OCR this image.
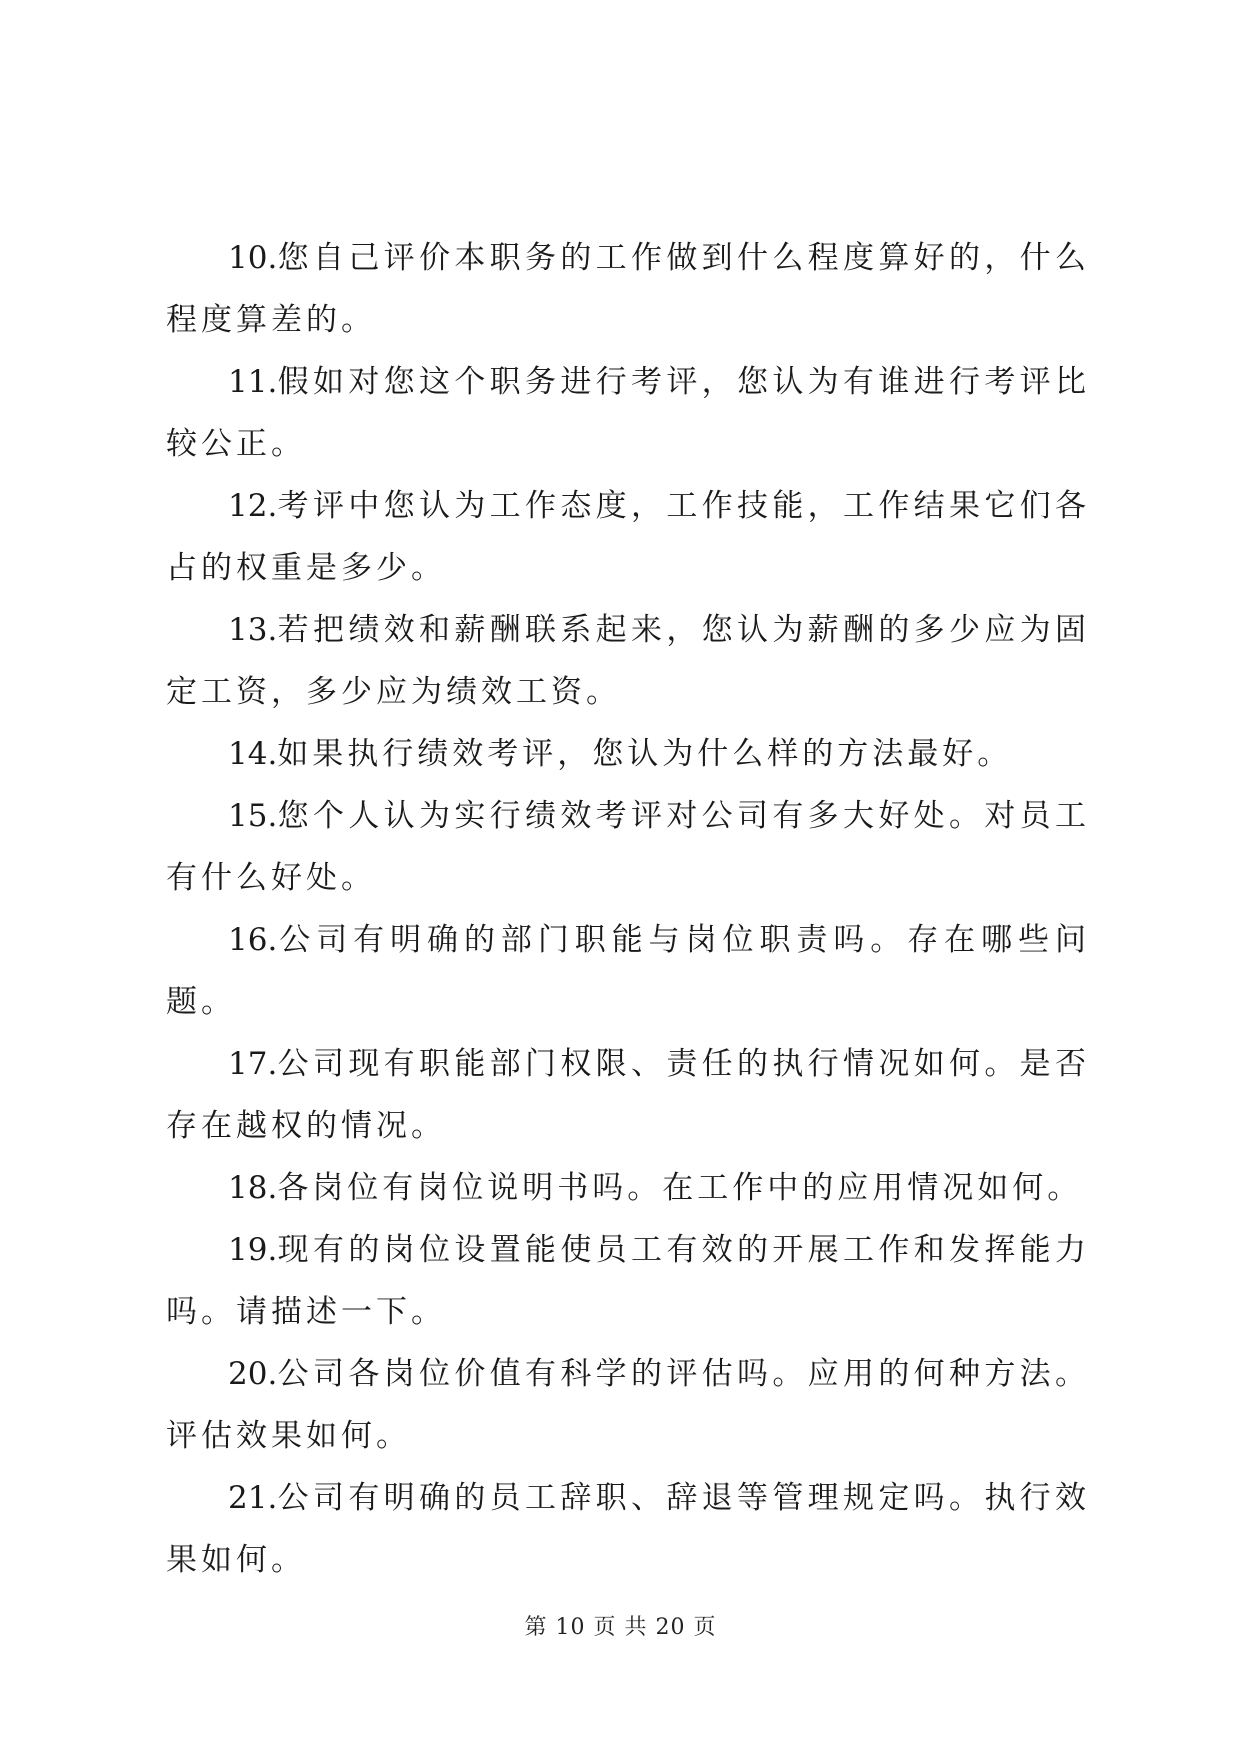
10.您自己评价本职务的工作做到什么程度算好的，什么程度算差的。

11.假如对您这个职务进行考评，您认为有谁进行考评比较公正。

12.考评中您认为工作态度，工作技能，工作结果它们各占的权重是多少。

13.若把绩效和薪酬联系起来，您认为薪酬的多少应为固定工资，多少应为绩效工资。

14.如果执行绩效考评，您认为什么样的方法最好。

15.您个人认为实行绩效考评对公司有多大好处。对员工有什么好处。

16.公司有明确的部门职能与岗位职责吗。存在哪些问题。

17.公司现有职能部门权限、责任的执行情况如何。是否存在越权的情况。

18.各岗位有岗位说明书吗。在工作中的应用情况如何。

19.现有的岗位设置能使员工有效的开展工作和发挥能力吗。请描述一下。

20.公司各岗位价值有科学的评估吗。应用的何种方法。评估效果如何。

21.公司有明确的员工辞职、辞退等管理规定吗。执行效果如何。

第 10 页 共 20 页
